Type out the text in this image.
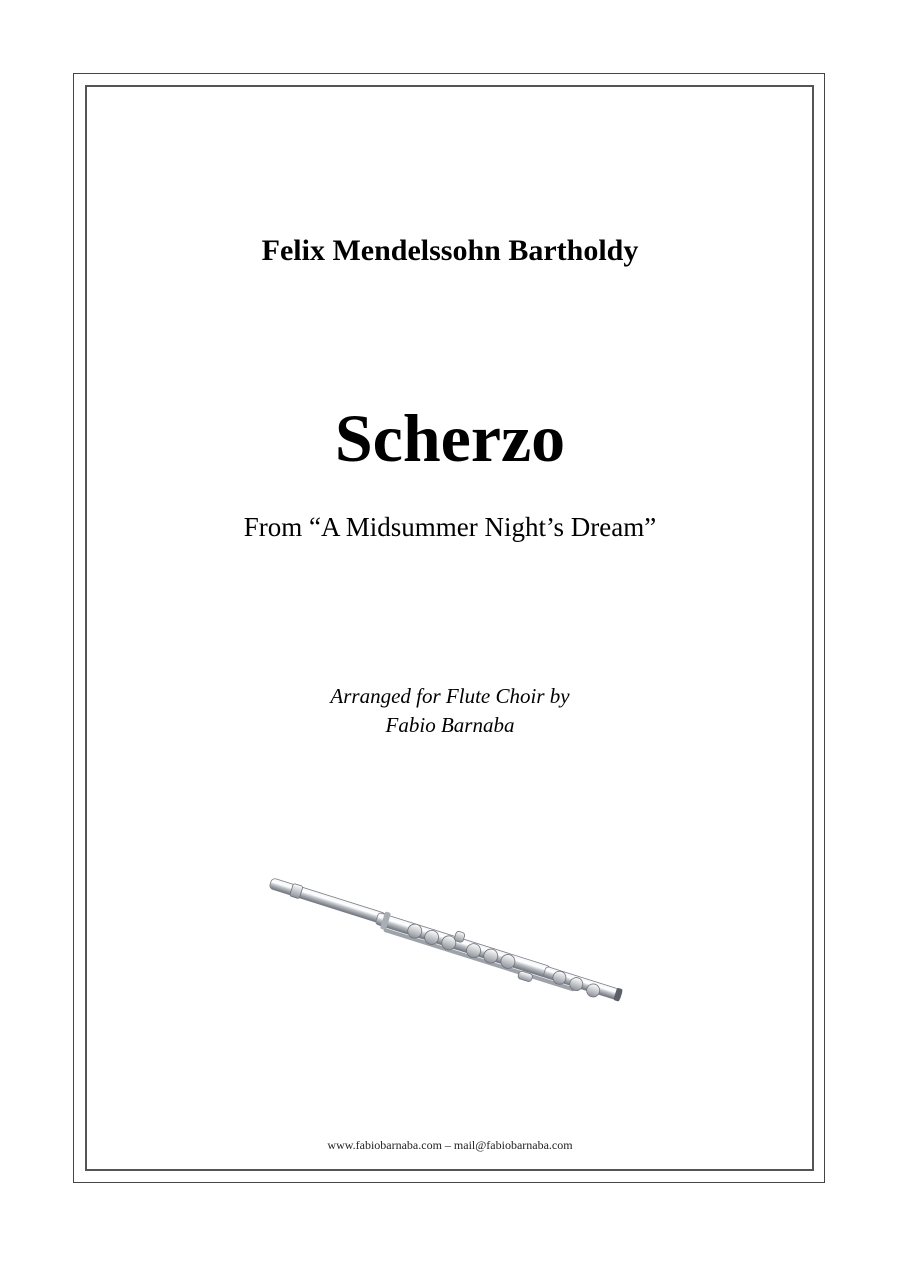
Felix Mendelssohn Bartholdy
Scherzo
From “A Midsummer Night’s Dream”
Arranged for Flute Choir by
Fabio Barnaba
www.fabiobarnaba.com – mail@fabiobarnaba.com
